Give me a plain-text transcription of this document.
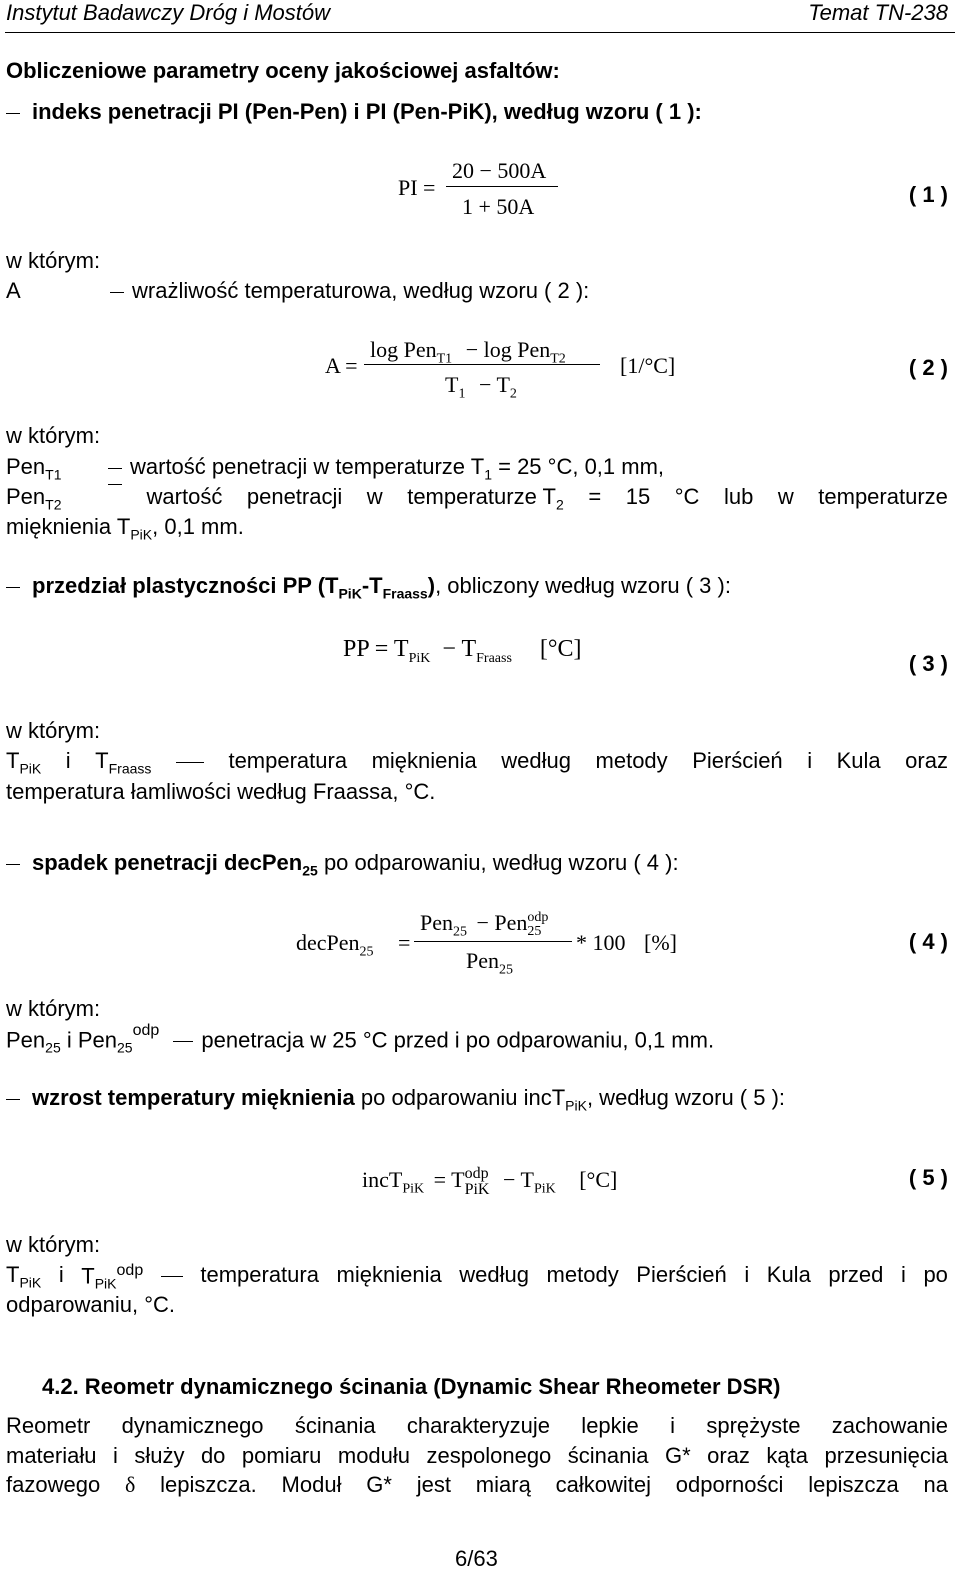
Instytut Badawczy Dróg i Mostów	Temat TN-238
Obliczeniowe parametry oceny jakościowej asfaltów:
indeks penetracji PI (Pen-Pen) i PI (Pen-PiK), według wzoru ( 1 ):
PI =
20 − 500A
1 + 50A	( 1 )
w którym:
A	wrażliwość temperaturowa, według wzoru ( 2 ):
A =
log Pen$_{T1}$ − log Pen$_{T2}$
$T_1 - T_2$
[1/°C]	( 2 )
w którym:
Pen$_{T1}$	wartość penetracji w temperaturze $T_1 = 25$ °C, 0,1 mm,
Pen$_{T2}$	wartość penetracji w temperaturze $T_2 = 15$ °C lub w temperaturze
mięknienia $T_{PiK}$, 0,1 mm.
przedział plastyczności PP $(T_{PiK}-T_{Fraass})$, obliczony według wzoru ( 3 ):
PP = $T_{PiK} - T_{Fraass}$ [°C]
( 3 )
w którym:
$T_{PiK}$ i $T_{Fraass}$	temperatura mięknienia według metody Pierścień i Kula oraz
temperatura łamliwości według Fraassa, °C.
spadek penetracji decPen$_{25}$ po odparowaniu, według wzoru ( 4 ):
decPen$_{25}$ =
Pen$_{25}$ − Pen odp
25
Pen$_{25}$
* 100 [%]	( 4 )
w którym:
Pen$_{25}$ i Pen$_{25}^{odp}$ penetracja w 25 °C przed i po odparowaniu, 0,1 mm.
wzrost temperatury mięknienia po odparowaniu incT$_{PiK}$, według wzoru ( 5 ):
incT$_{PiK}$ = T odp
PiK − $T_{PiK}$ [°C]	( 5 )
w którym:
$T_{PiK}$ i $T_{PiK}^{odp}$	temperatura mięknienia według metody Pierścień i Kula przed i po
odparowaniu, °C.
4.2. Reometr dynamicznego ścinania (Dynamic Shear Rheometer DSR)
Reometr dynamicznego ścinania charakteryzuje lepkie i sprężyste zachowanie
materiału i służy do pomiaru modułu zespolonego ścinania G* oraz kąta przesunięcia
fazowego δ lepiszcza. Moduł G* jest miarą całkowitej odporności lepiszcza na
6/63
